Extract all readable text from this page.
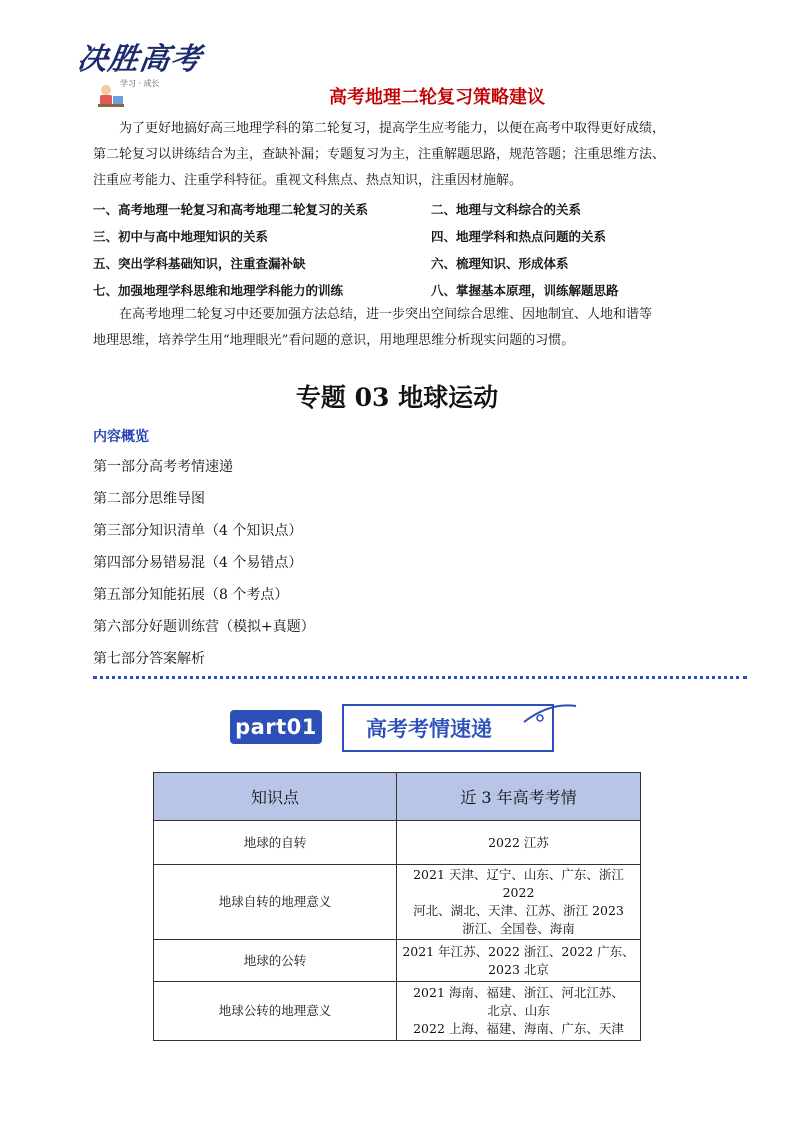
决胜高考
学习 · 成长
高考地理二轮复习策略建议

为了更好地搞好高三地理学科的第二轮复习，提高学生应考能力，以便在高考中取得更好成绩，

第二轮复习以讲练结合为主，查缺补漏；专题复习为主，注重解题思路，规范答题；注重思维方法、

注重应考能力、注重学科特征。重视文科焦点、热点知识，注重因材施解。

一、高考地理一轮复习和高考地理二轮复习的关系	二、地理与文科综合的关系
三、初中与高中地理知识的关系	四、地理学科和热点问题的关系
五、突出学科基础知识，注重查漏补缺	六、梳理知识、形成体系
七、加强地理学科思维和地理学科能力的训练	八、掌握基本原理，训练解题思路

在高考地理二轮复习中还要加强方法总结，进一步突出空间综合思维、因地制宜、人地和谐等

地理思维，培养学生用“地理眼光”看问题的意识，用地理思维分析现实问题的习惯。

专题 03 地球运动
内容概览
第一部分高考考情速递
第二部分思维导图
第三部分知识清单（4 个知识点）
第四部分易错易混（4 个易错点）
第五部分知能拓展（8 个考点）
第六部分好题训练营（模拟+真题）
第七部分答案解析
part01 高考考情速递
知识点	近 3 年高考考情
地球的自转	2022 江苏

地球自转的地理意义	2021 天津、辽宁、山东、广东、浙江 2022
河北、湖北、天津、江苏、浙江 2023
浙江、全国卷、海南

地球的公转	2021 年江苏、2022 浙江、2022 广东、
2023 北京

地球公转的地理意义	2021 海南、福建、浙江、河北江苏、
北京、山东
2022 上海、福建、海南、广东、天津
